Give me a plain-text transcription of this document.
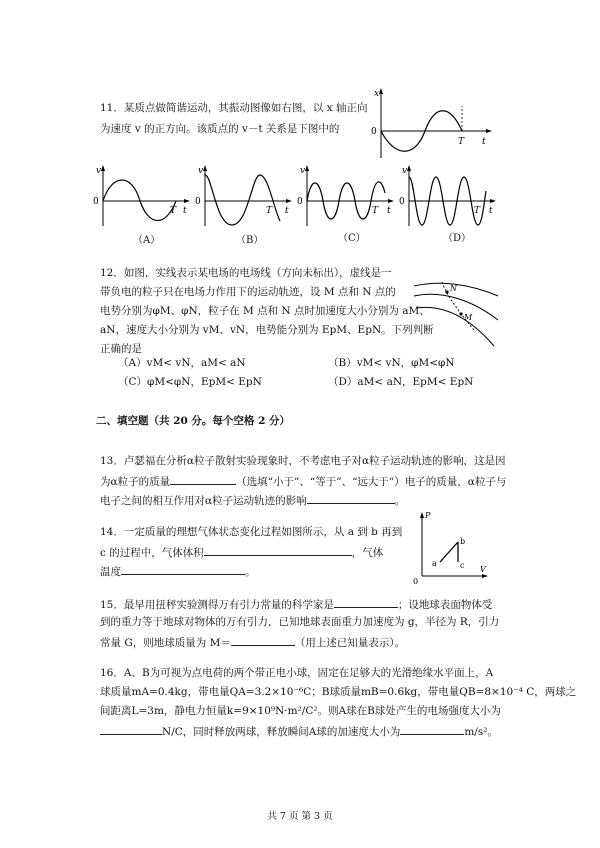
11．某质点做简谐运动，其振动图像如右图，以 x 轴正向
为速度 v 的正方向。该质点的 v－t 关系是下图中的
x
0
T t
v
0
T t
v
0
T t
v
0
T t
v
0
T t
（A）	（B）	（C）	（D）
12．如图，实线表示某电场的电场线（方向未标出），虚线是一
带负电的粒子只在电场力作用下的运动轨迹，设 M 点和 N 点的
电势分别为φM、φN，粒子在 M 点和 N 点时加速度大小分别为 aM、
aN，速度大小分别为 vM、vN，电势能分别为 EpM、EpN。下列判断
正确的是
N
M
（A）vM< vN，aM< aN	（B）vM< vN，φM<φN
（C）φM<φN，EpM< EpN	（D）aM< aN，EpM< EpN
二、填空题（共 20 分。每个空格 2 分）
13．卢瑟福在分析α粒子散射实验现象时，不考虑电子对α粒子运动轨迹的影响，这是因
为α粒子的质量	（选填“小于”、“等于”、“远大于”）电子的质量，α粒子与
电子之间的相互作用对α粒子运动轨迹的影响	。
14．一定质量的理想气体状态变化过程如图所示，从 a 到 b 再到
c 的过程中，气体体积	，气体
温度	。
P
V
0
a
b
c
15．最早用扭秤实验测得万有引力常量的科学家是	；设地球表面物体受
到的重力等于地球对物体的万有引力，已知地球表面重力加速度为 g，半径为 R，引力
常量 G，则地球质量为 M＝	（用上述已知量表示）。
16．A、B为可视为点电荷的两个带正电小球，固定在足够大的光滑绝缘水平面上，A
球质量mA=0.4kg，带电量QA=3.2×10⁻⁶C；B球质量mB=0.6kg，带电量QB=8×10⁻⁴ C，两球之
间距离L=3m，静电力恒量k=9×10⁹N·m²/C²。则A球在B球处产生的电场强度大小为
N/C，同时释放两球，释放瞬间A球的加速度大小为	m/s²。
共 7 页 第 3 页
